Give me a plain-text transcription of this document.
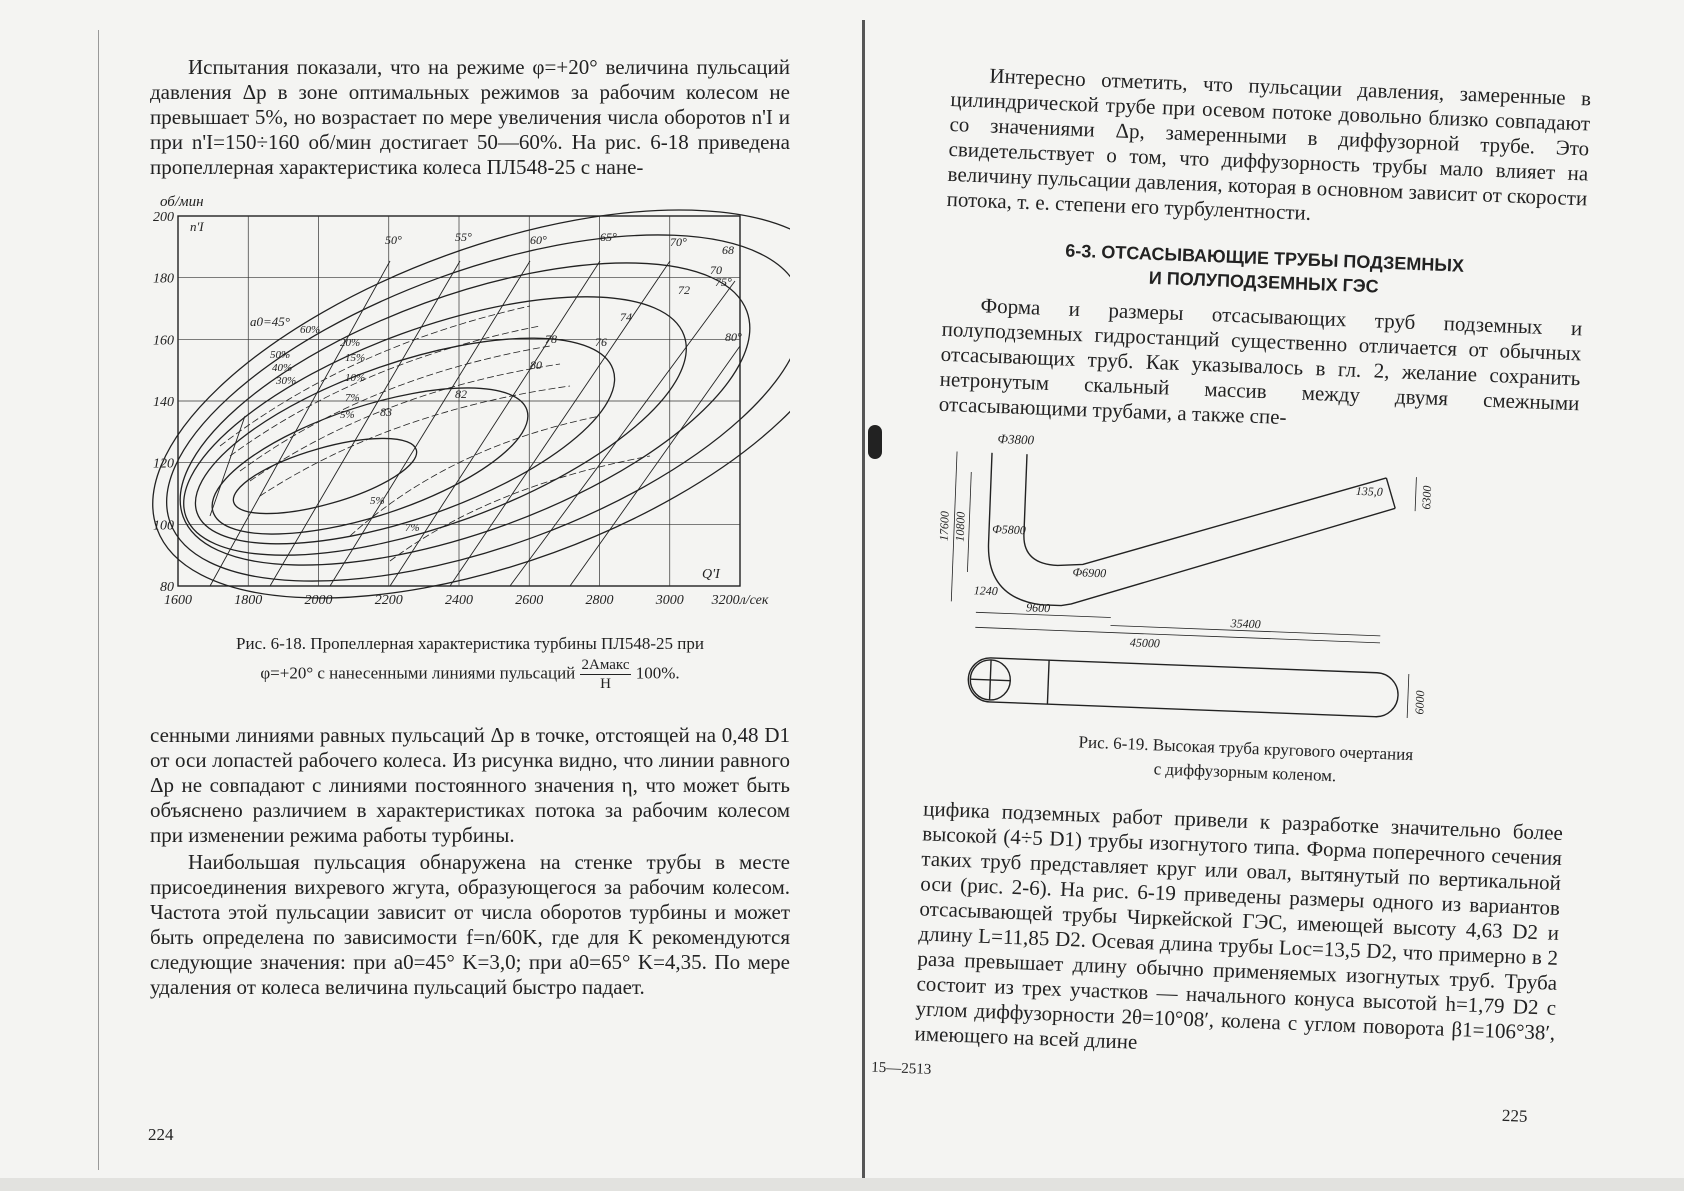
Испытания показали, что на режиме φ=+20° величина пульсаций давления Δp в зоне оптимальных режимов за рабочим колесом не превышает 5%, но возрастает по мере увеличения числа оборотов n'I и при n'I=150÷160 об/мин достигает 50—60%. На рис. 6-18 приведена пропеллерная характеристика колеса ПЛ548-25 с нане-

об/мин
n'I
Q'I
200
180
160
140
120
100
80
1600	1800	2000	2200	2400	2600	2800	3000 3200л/сек
50°	55°	60°	65°	70°
75°
80°
a0=45°
68
70
72
74
76
78
80
82
83
60%
50%
40%
30%
20%
15%
10%
7%
5%
5%
7%

Рис. 6-18. Пропеллерная характеристика турбины ПЛ548-25 при

φ=+20° с нанесенными линиями пульсаций $\frac{\text{2Aмакс}}{H} 100\%$.

сенными линиями равных пульсаций Δp в точке, отстоящей на 0,48 D1 от оси лопастей рабочего колеса. Из рисунка видно, что линии равного Δp не совпадают с линиями постоянного значения η, что может быть объяснено различием в характеристиках потока за рабочим колесом при изменении режима работы турбины.

Наибольшая пульсация обнаружена на стенке трубы в месте присоединения вихревого жгута, образующегося за рабочим колесом. Частота этой пульсации зависит от числа оборотов турбины и может быть определена по зависимости f=n/60K, где для K рекомендуются следующие значения: при a0=45° K=3,0; при a0=65° K=4,35. По мере удаления от колеса величина пульсаций быстро падает.

224

Интересно отметить, что пульсации давления, замеренные в цилиндрической трубе при осевом потоке довольно близко совпадают со значениями Δp, замеренными в диффузорной трубе. Это свидетельствует о том, что диффузорность трубы мало влияет на величину пульсации давления, которая в основном зависит от скорости потока, т. е. степени его турбулентности.

6-3. ОТСАСЫВАЮЩИЕ ТРУБЫ ПОДЗЕМНЫХ

И ПОЛУПОДЗЕМНЫХ ГЭС

Форма и размеры отсасывающих труб подземных и полуподземных гидростанций существенно отличается от обычных отсасывающих труб. Как указывалось в гл. 2, желание сохранить нетронутым скальный массив между двумя смежными отсасывающими трубами, а также спе-

Ф3800
Ф5800
Ф6900
17600 10800
1240
6300
135,0
9600
35400
45000
6000

Рис. 6-19. Высокая труба кругового очертания

с диффузорным коленом.

цифика подземных работ привели к разработке значительно более высокой (4÷5 D1) трубы изогнутого типа. Форма поперечного сечения таких труб представляет круг или овал, вытянутый по вертикальной оси (рис. 2-6). На рис. 6-19 приведены размеры одного из вариантов отсасывающей трубы Чиркейской ГЭС, имеющей высоту 4,63 D2 и длину L=11,85 D2. Осевая длина трубы Lос=13,5 D2, что примерно в 2 раза превышает длину обычно применяемых изогнутых труб. Труба состоит из трех участков — начального конуса высотой h=1,79 D2 с углом диффузорности 2θ=10°08′, колена с углом поворота β1=106°38′, имеющего на всей длине

15—2513
225
